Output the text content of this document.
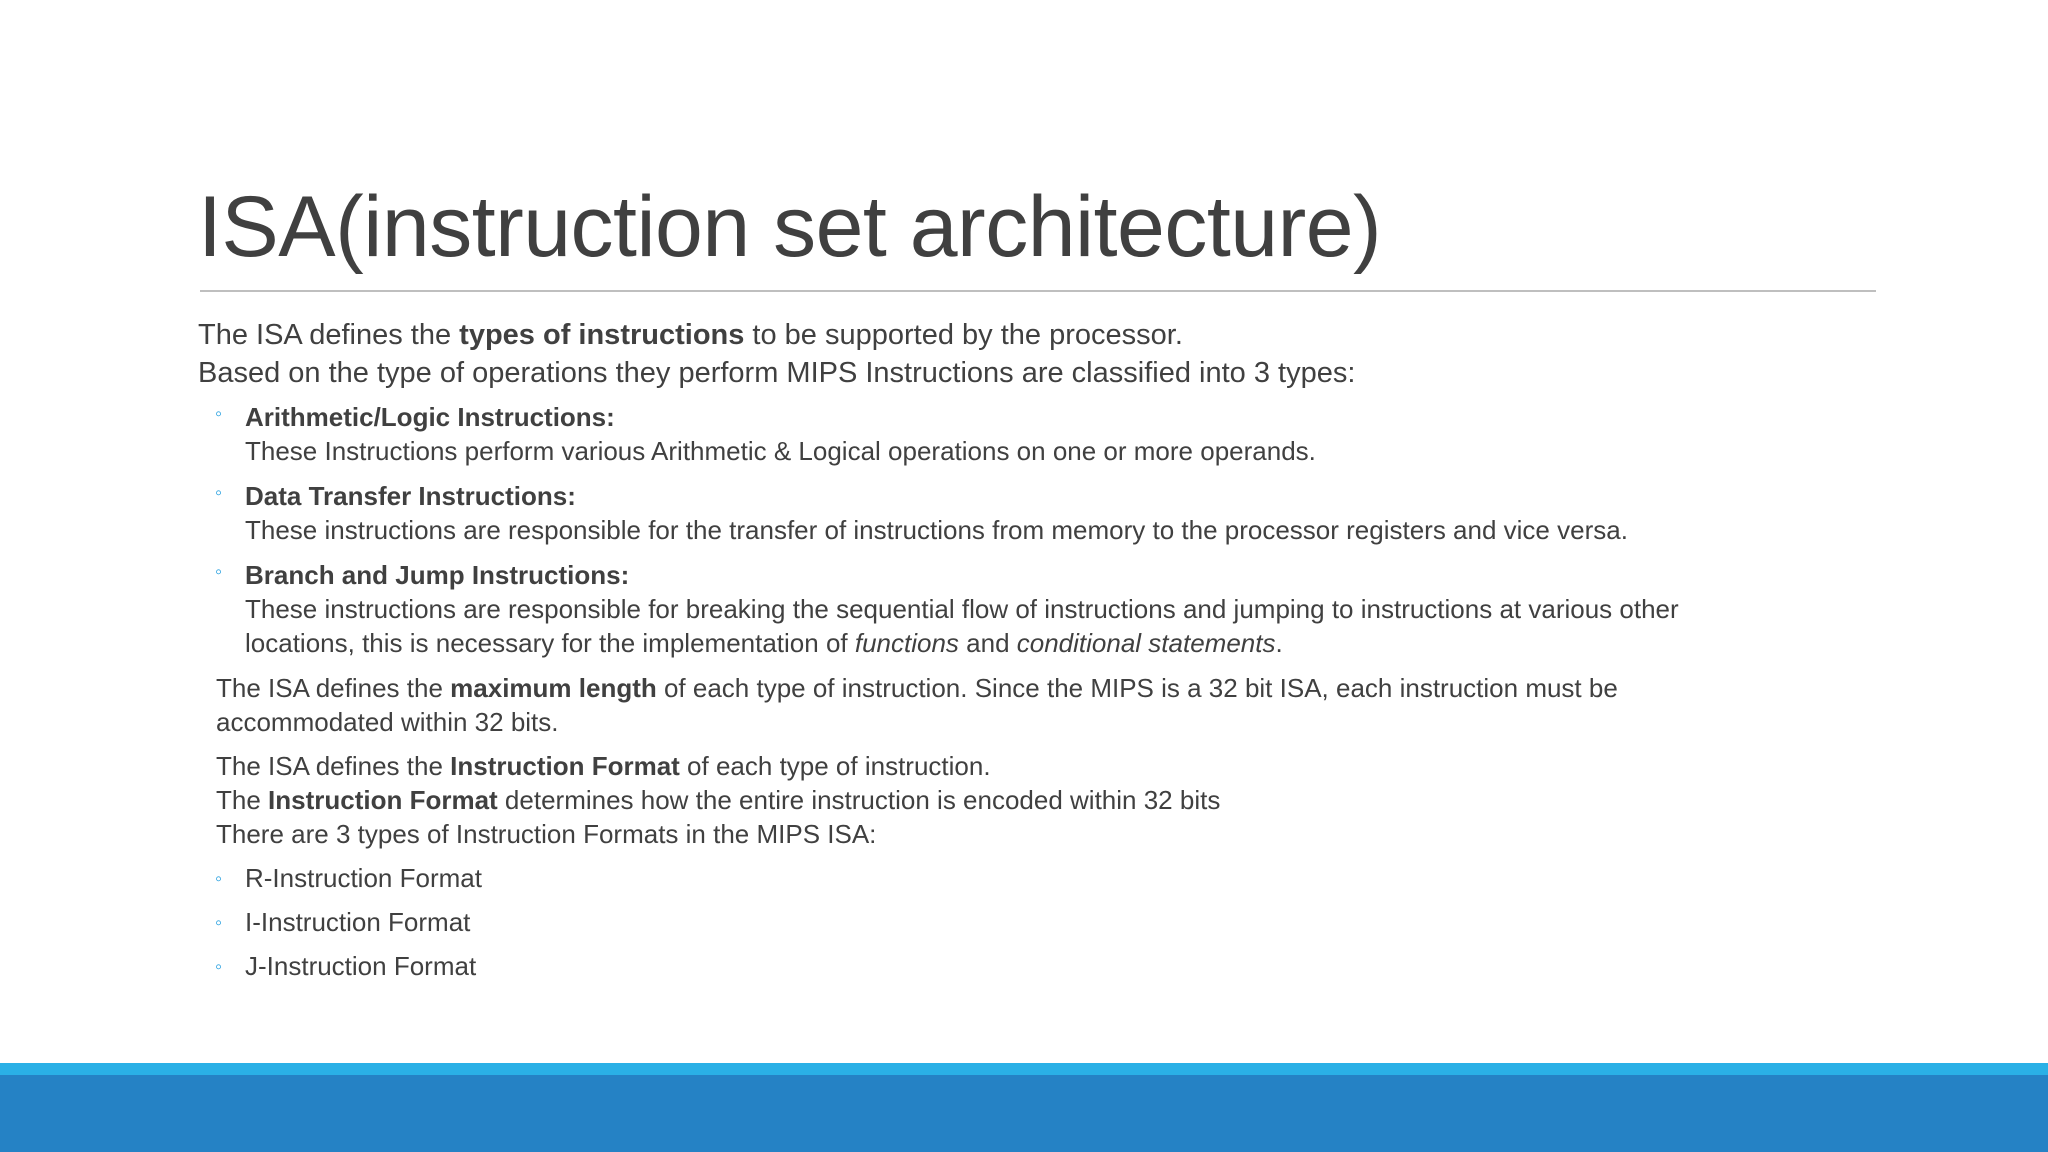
ISA(instruction set architecture)

The ISA defines the types of instructions to be supported by the processor.

Based on the type of operations they perform MIPS Instructions are classified into 3 types:

◦ Arithmetic/Logic Instructions:
These Instructions perform various Arithmetic & Logical operations on one or more operands.
◦ Data Transfer Instructions:
These instructions are responsible for the transfer of instructions from memory to the processor registers and vice versa.
◦ Branch and Jump Instructions:
These instructions are responsible for breaking the sequential flow of instructions and jumping to instructions at various other
locations, this is necessary for the implementation of functions and conditional statements.

The ISA defines the maximum length of each type of instruction. Since the MIPS is a 32 bit ISA, each instruction must be

accommodated within 32 bits.

The ISA defines the Instruction Format of each type of instruction.

The Instruction Format determines how the entire instruction is encoded within 32 bits

There are 3 types of Instruction Formats in the MIPS ISA:

◦ R-Instruction Format
◦ I-Instruction Format
◦ J-Instruction Format
